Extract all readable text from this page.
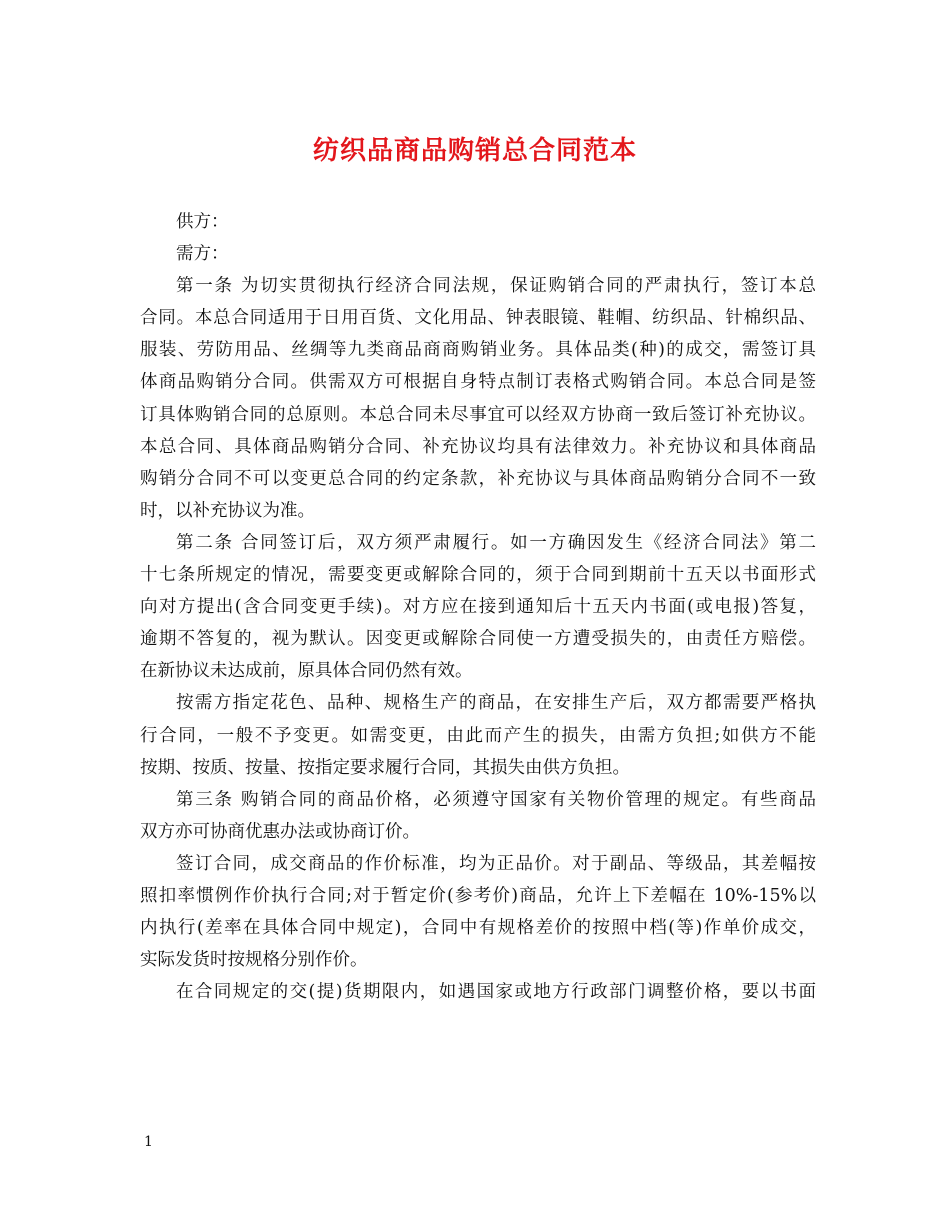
纺织品商品购销总合同范本
供方：
需方：
第一条 为切实贯彻执行经济合同法规，保证购销合同的严肃执行，签订本总
合同。本总合同适用于日用百货、文化用品、钟表眼镜、鞋帽、纺织品、针棉织品、
服装、劳防用品、丝绸等九类商品商商购销业务。具体品类(种)的成交，需签订具
体商品购销分合同。供需双方可根据自身特点制订表格式购销合同。本总合同是签
订具体购销合同的总原则。本总合同未尽事宜可以经双方协商一致后签订补充协议。
本总合同、具体商品购销分合同、补充协议均具有法律效力。补充协议和具体商品
购销分合同不可以变更总合同的约定条款，补充协议与具体商品购销分合同不一致
时，以补充协议为准。
第二条 合同签订后，双方须严肃履行。如一方确因发生《经济合同法》第二
十七条所规定的情况，需要变更或解除合同的，须于合同到期前十五天以书面形式
向对方提出(含合同变更手续)。对方应在接到通知后十五天内书面(或电报)答复，
逾期不答复的，视为默认。因变更或解除合同使一方遭受损失的，由责任方赔偿。
在新协议未达成前，原具体合同仍然有效。
按需方指定花色、品种、规格生产的商品，在安排生产后，双方都需要严格执
行合同，一般不予变更。如需变更，由此而产生的损失，由需方负担;如供方不能
按期、按质、按量、按指定要求履行合同，其损失由供方负担。
第三条 购销合同的商品价格，必须遵守国家有关物价管理的规定。有些商品
双方亦可协商优惠办法或协商订价。
签订合同，成交商品的作价标准，均为正品价。对于副品、等级品，其差幅按
照扣率惯例作价执行合同;对于暂定价(参考价)商品，允许上下差幅在 10%-15%以
内执行(差率在具体合同中规定)，合同中有规格差价的按照中档(等)作单价成交，
实际发货时按规格分别作价。
在合同规定的交(提)货期限内，如遇国家或地方行政部门调整价格，要以书面
1
